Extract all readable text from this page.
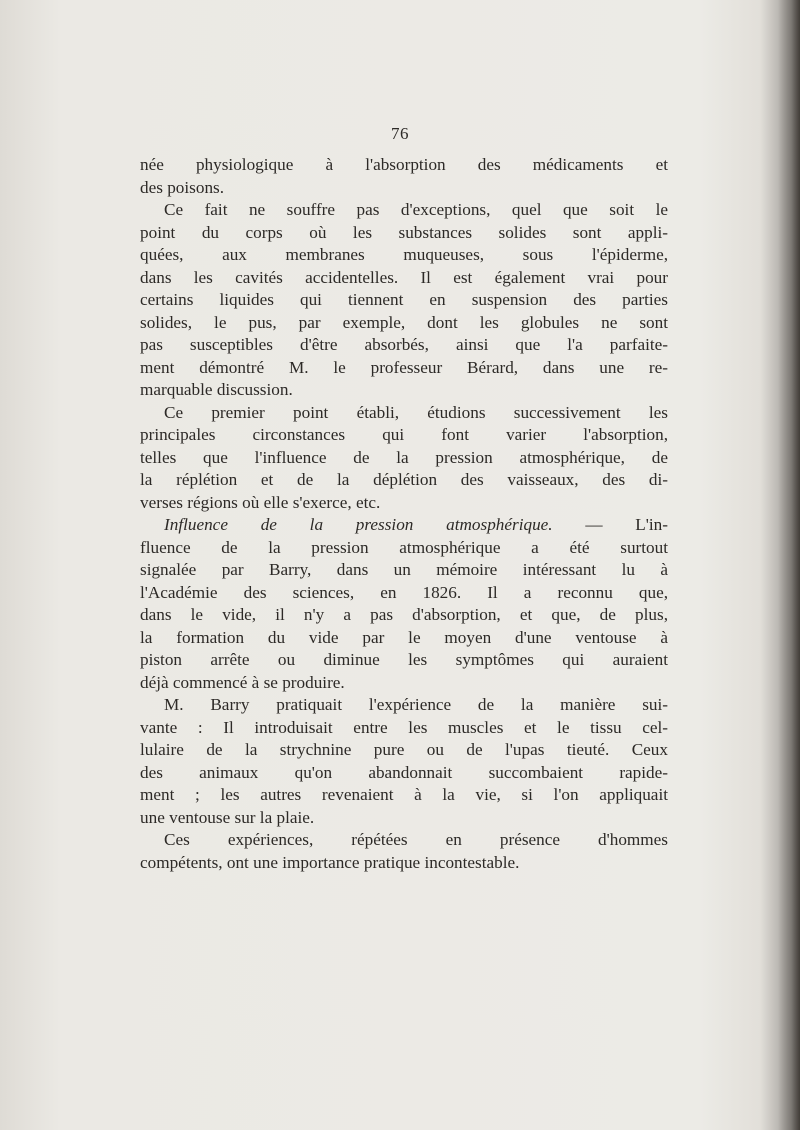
76

née physiologique à l'absorption des médicaments et
des poisons.

Ce fait ne souffre pas d'exceptions, quel que soit le
point du corps où les substances solides sont appli-
quées, aux membranes muqueuses, sous l'épiderme,
dans les cavités accidentelles. Il est également vrai pour
certains liquides qui tiennent en suspension des parties
solides, le pus, par exemple, dont les globules ne sont
pas susceptibles d'être absorbés, ainsi que l'a parfaite-
ment démontré M. le professeur Bérard, dans une re-
marquable discussion.

Ce premier point établi, étudions successivement les
principales circonstances qui font varier l'absorption,
telles que l'influence de la pression atmosphérique, de
la réplétion et de la déplétion des vaisseaux, des di-
verses régions où elle s'exerce, etc.

Influence de la pression atmosphérique. — L'in-
fluence de la pression atmosphérique a été surtout
signalée par Barry, dans un mémoire intéressant lu à
l'Académie des sciences, en 1826. Il a reconnu que,
dans le vide, il n'y a pas d'absorption, et que, de plus,
la formation du vide par le moyen d'une ventouse à
piston arrête ou diminue les symptômes qui auraient
déjà commencé à se produire.

M. Barry pratiquait l'expérience de la manière sui-
vante : Il introduisait entre les muscles et le tissu cel-
lulaire de la strychnine pure ou de l'upas tieuté. Ceux
des animaux qu'on abandonnait succombaient rapide-
ment ; les autres revenaient à la vie, si l'on appliquait
une ventouse sur la plaie.

Ces expériences, répétées en présence d'hommes
compétents, ont une importance pratique incontestable.
